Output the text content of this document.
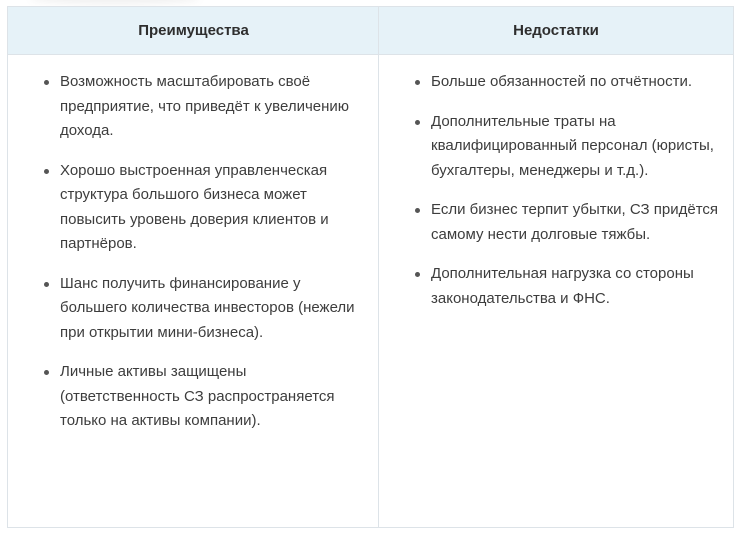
Преимущества	Недостатки
Возможность масштабировать своё предприятие, что приведёт к увеличению дохода.
Хорошо выстроенная управленческая структура большого бизнеса может повысить уровень доверия клиентов и партнёров.
Шанс получить финансирование у большего количества инвесторов (нежели при открытии мини-бизнеса).
Личные активы защищены (ответственность СЗ распространяется только на активы компании).
Больше обязанностей по отчётности.
Дополнительные траты на квалифицированный персонал (юристы, бухгалтеры, менеджеры и т.д.).
Если бизнес терпит убытки, СЗ придётся самому нести долговые тяжбы.
Дополнительная нагрузка со стороны законодательства и ФНС.
